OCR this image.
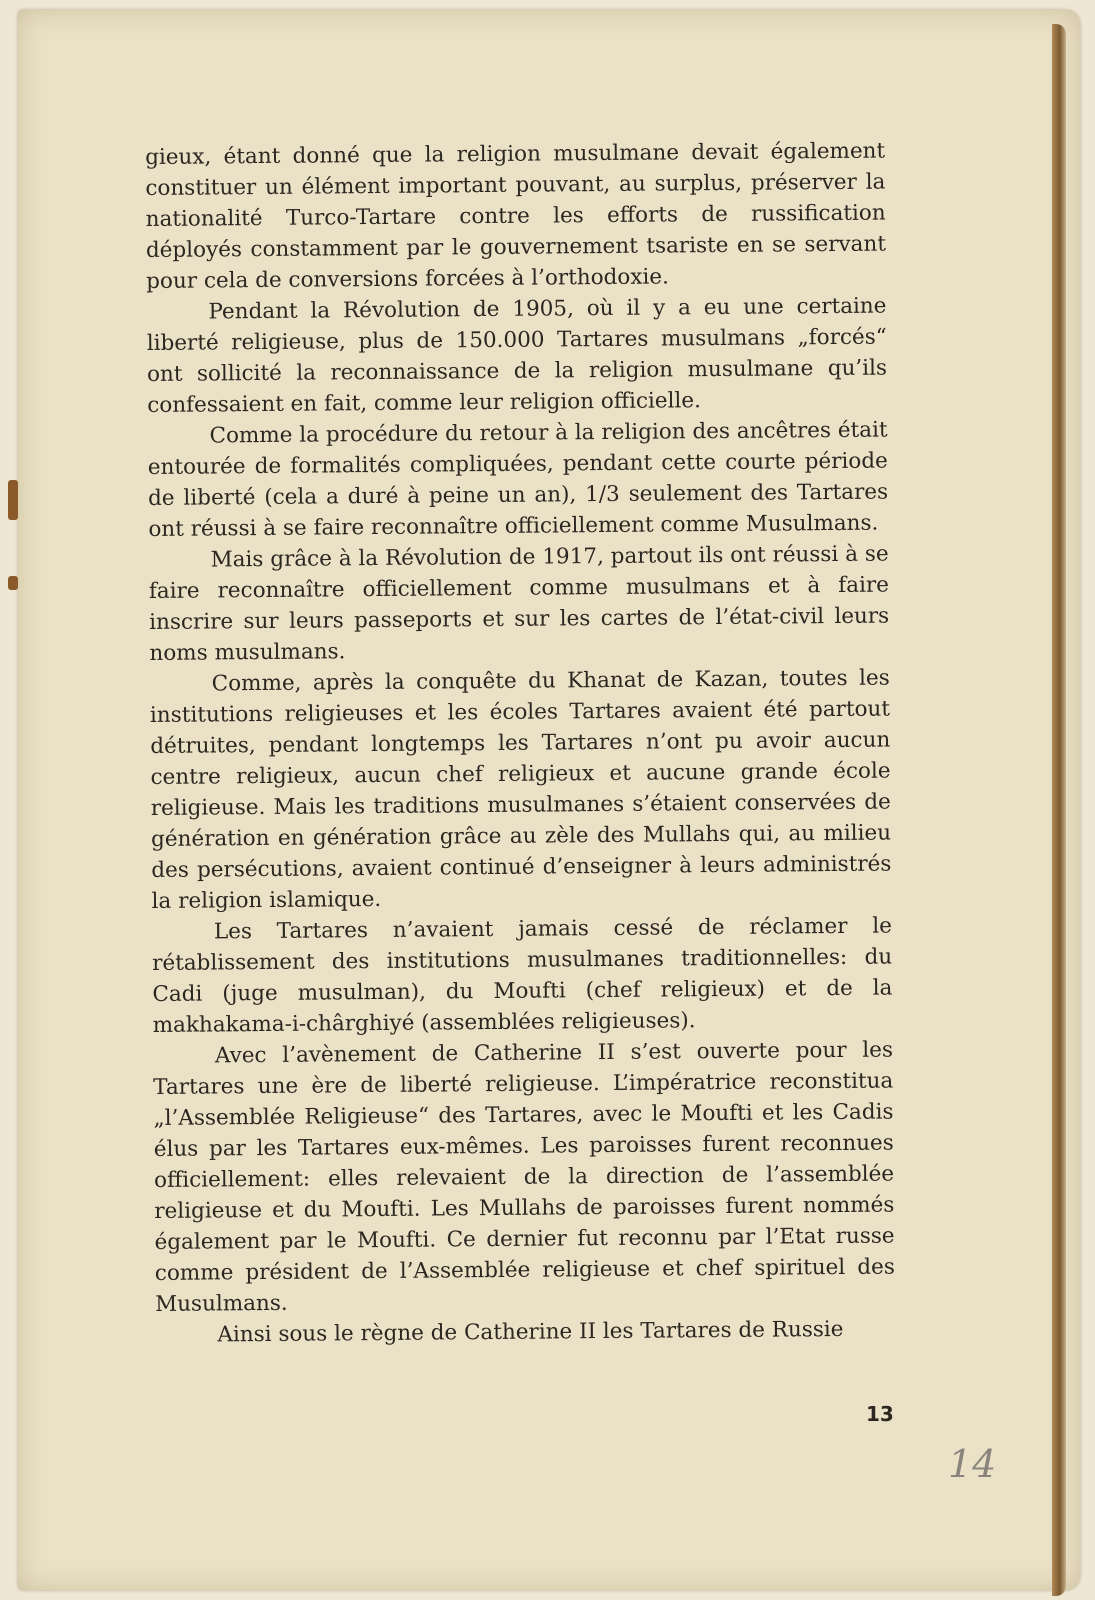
gieux, étant donné que la religion musulmane devait également constituer un élément important pouvant, au surplus, préserver la nationalité Turco-Tartare contre les efforts de russification déployés constamment par le gouvernement tsariste en se servant pour cela de conversions forcées à l’orthodoxie.

Pendant la Révolution de 1905, où il y a eu une certaine liberté religieuse, plus de 150.000 Tartares musulmans „forcés“ ont sollicité la reconnaissance de la religion musulmane qu’ils confessaient en fait, comme leur religion officielle.

Comme la procédure du retour à la religion des ancêtres était entourée de formalités compliquées, pendant cette courte période de liberté (cela a duré à peine un an), 1/3 seulement des Tartares ont réussi à se faire reconnaître officiellement comme Musulmans.

Mais grâce à la Révolution de 1917, partout ils ont réussi à se faire reconnaître officiellement comme musulmans et à faire inscrire sur leurs passeports et sur les cartes de l’état-civil leurs noms musulmans.

Comme, après la conquête du Khanat de Kazan, toutes les institutions religieuses et les écoles Tartares avaient été partout détruites, pendant longtemps les Tartares n’ont pu avoir aucun centre religieux, aucun chef religieux et aucune grande école religieuse. Mais les traditions musulmanes s’étaient conservées de génération en génération grâce au zèle des Mullahs qui, au milieu des persécutions, avaient continué d’enseigner à leurs administrés la religion islamique.

Les Tartares n’avaient jamais cessé de réclamer le rétablissement des institutions musulmanes traditionnelles: du Cadi (juge musulman), du Moufti (chef religieux) et de la makhakama-i-chârghiyé (assemblées religieuses).

Avec l’avènement de Catherine II s’est ouverte pour les Tartares une ère de liberté religieuse. L’impératrice reconstitua „l’Assemblée Religieuse“ des Tartares, avec le Moufti et les Cadis élus par les Tartares eux-mêmes. Les paroisses furent reconnues officiellement: elles relevaient de la direction de l’assemblée religieuse et du Moufti. Les Mullahs de paroisses furent nommés également par le Moufti. Ce dernier fut reconnu par l’Etat russe comme président de l’Assemblée religieuse et chef spirituel des Musulmans.

Ainsi sous le règne de Catherine II les Tartares de Russie

13
14
